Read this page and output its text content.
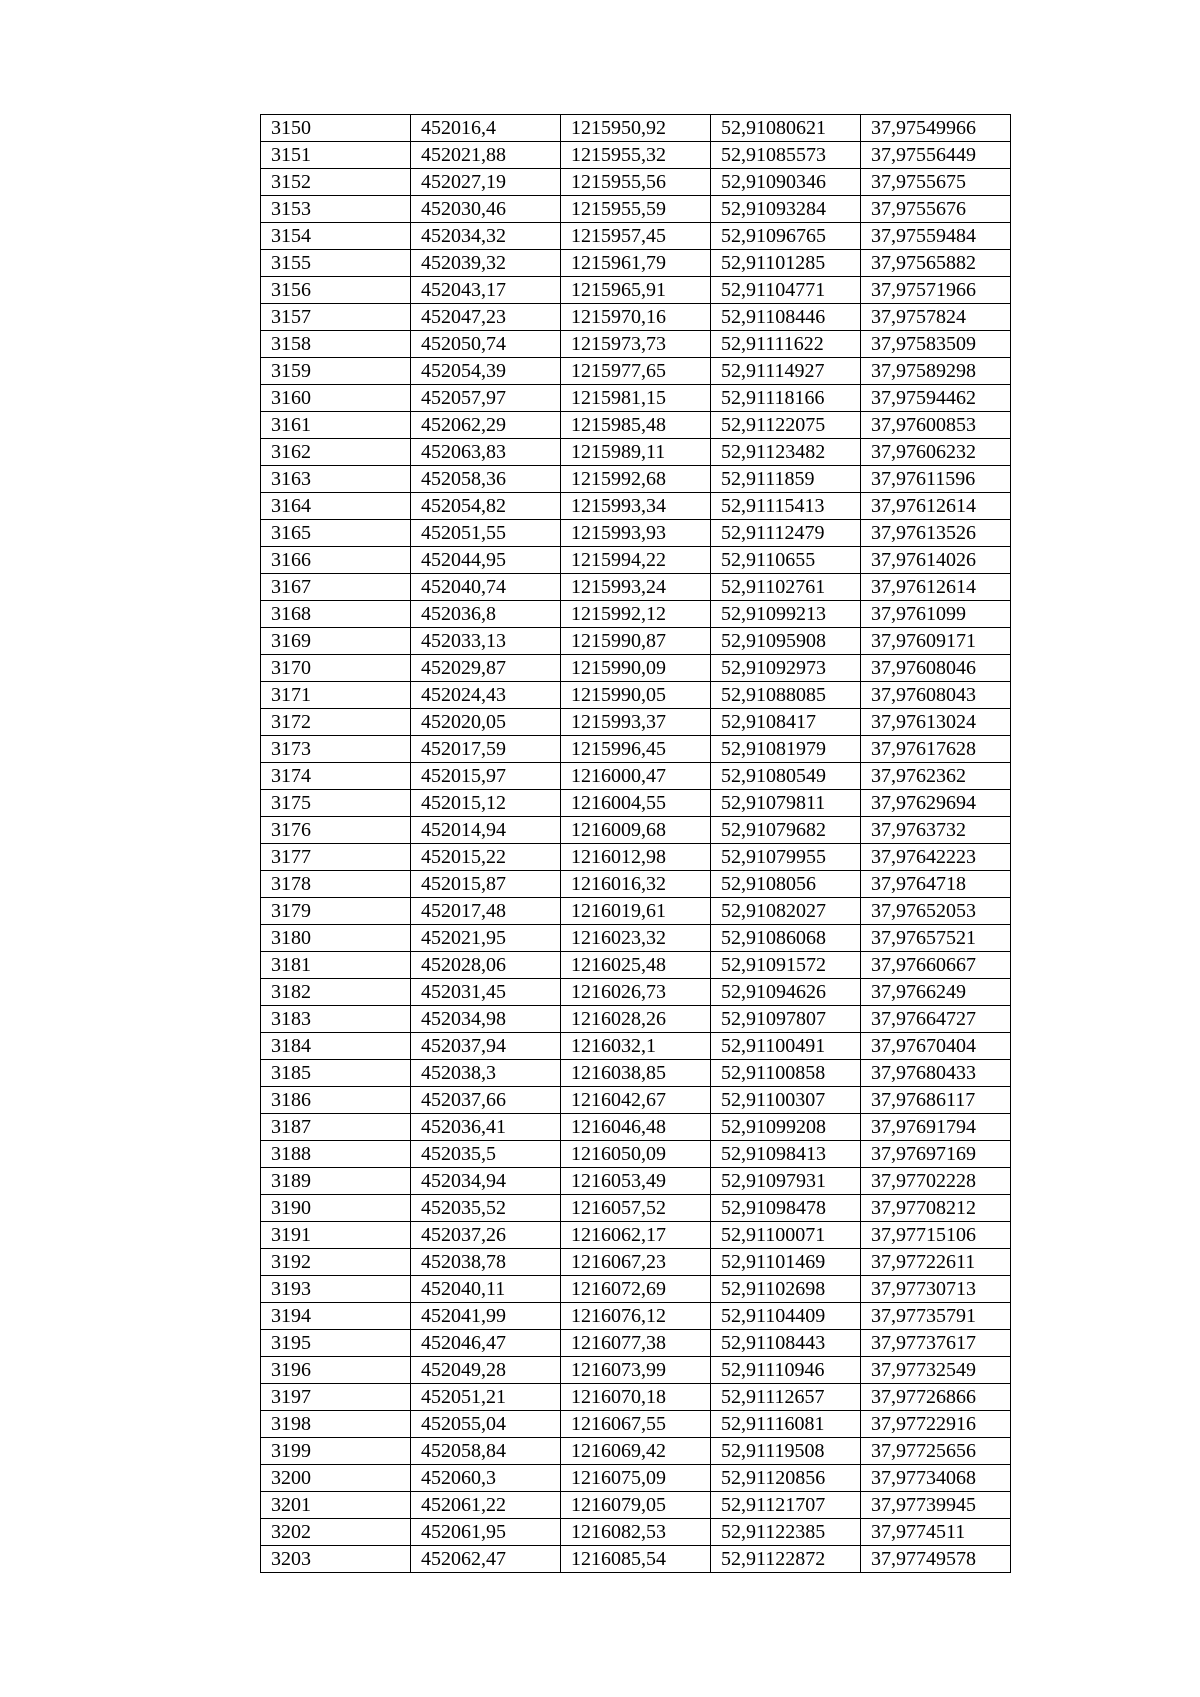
3150	452016,4	1215950,92	52,91080621	37,97549966
3151	452021,88	1215955,32	52,91085573	37,97556449
3152	452027,19	1215955,56	52,91090346	37,9755675
3153	452030,46	1215955,59	52,91093284	37,9755676
3154	452034,32	1215957,45	52,91096765	37,97559484
3155	452039,32	1215961,79	52,91101285	37,97565882
3156	452043,17	1215965,91	52,91104771	37,97571966
3157	452047,23	1215970,16	52,91108446	37,9757824
3158	452050,74	1215973,73	52,91111622	37,97583509
3159	452054,39	1215977,65	52,91114927	37,97589298
3160	452057,97	1215981,15	52,91118166	37,97594462
3161	452062,29	1215985,48	52,91122075	37,97600853
3162	452063,83	1215989,11	52,91123482	37,97606232
3163	452058,36	1215992,68	52,9111859	37,97611596
3164	452054,82	1215993,34	52,91115413	37,97612614
3165	452051,55	1215993,93	52,91112479	37,97613526
3166	452044,95	1215994,22	52,9110655	37,97614026
3167	452040,74	1215993,24	52,91102761	37,97612614
3168	452036,8	1215992,12	52,91099213	37,9761099
3169	452033,13	1215990,87	52,91095908	37,97609171
3170	452029,87	1215990,09	52,91092973	37,97608046
3171	452024,43	1215990,05	52,91088085	37,97608043
3172	452020,05	1215993,37	52,9108417	37,97613024
3173	452017,59	1215996,45	52,91081979	37,97617628
3174	452015,97	1216000,47	52,91080549	37,9762362
3175	452015,12	1216004,55	52,91079811	37,97629694
3176	452014,94	1216009,68	52,91079682	37,9763732
3177	452015,22	1216012,98	52,91079955	37,97642223
3178	452015,87	1216016,32	52,9108056	37,9764718
3179	452017,48	1216019,61	52,91082027	37,97652053
3180	452021,95	1216023,32	52,91086068	37,97657521
3181	452028,06	1216025,48	52,91091572	37,97660667
3182	452031,45	1216026,73	52,91094626	37,9766249
3183	452034,98	1216028,26	52,91097807	37,97664727
3184	452037,94	1216032,1	52,91100491	37,97670404
3185	452038,3	1216038,85	52,91100858	37,97680433
3186	452037,66	1216042,67	52,91100307	37,97686117
3187	452036,41	1216046,48	52,91099208	37,97691794
3188	452035,5	1216050,09	52,91098413	37,97697169
3189	452034,94	1216053,49	52,91097931	37,97702228
3190	452035,52	1216057,52	52,91098478	37,97708212
3191	452037,26	1216062,17	52,91100071	37,97715106
3192	452038,78	1216067,23	52,91101469	37,97722611
3193	452040,11	1216072,69	52,91102698	37,97730713
3194	452041,99	1216076,12	52,91104409	37,97735791
3195	452046,47	1216077,38	52,91108443	37,97737617
3196	452049,28	1216073,99	52,91110946	37,97732549
3197	452051,21	1216070,18	52,91112657	37,97726866
3198	452055,04	1216067,55	52,91116081	37,97722916
3199	452058,84	1216069,42	52,91119508	37,97725656
3200	452060,3	1216075,09	52,91120856	37,97734068
3201	452061,22	1216079,05	52,91121707	37,97739945
3202	452061,95	1216082,53	52,91122385	37,9774511
3203	452062,47	1216085,54	52,91122872	37,97749578
